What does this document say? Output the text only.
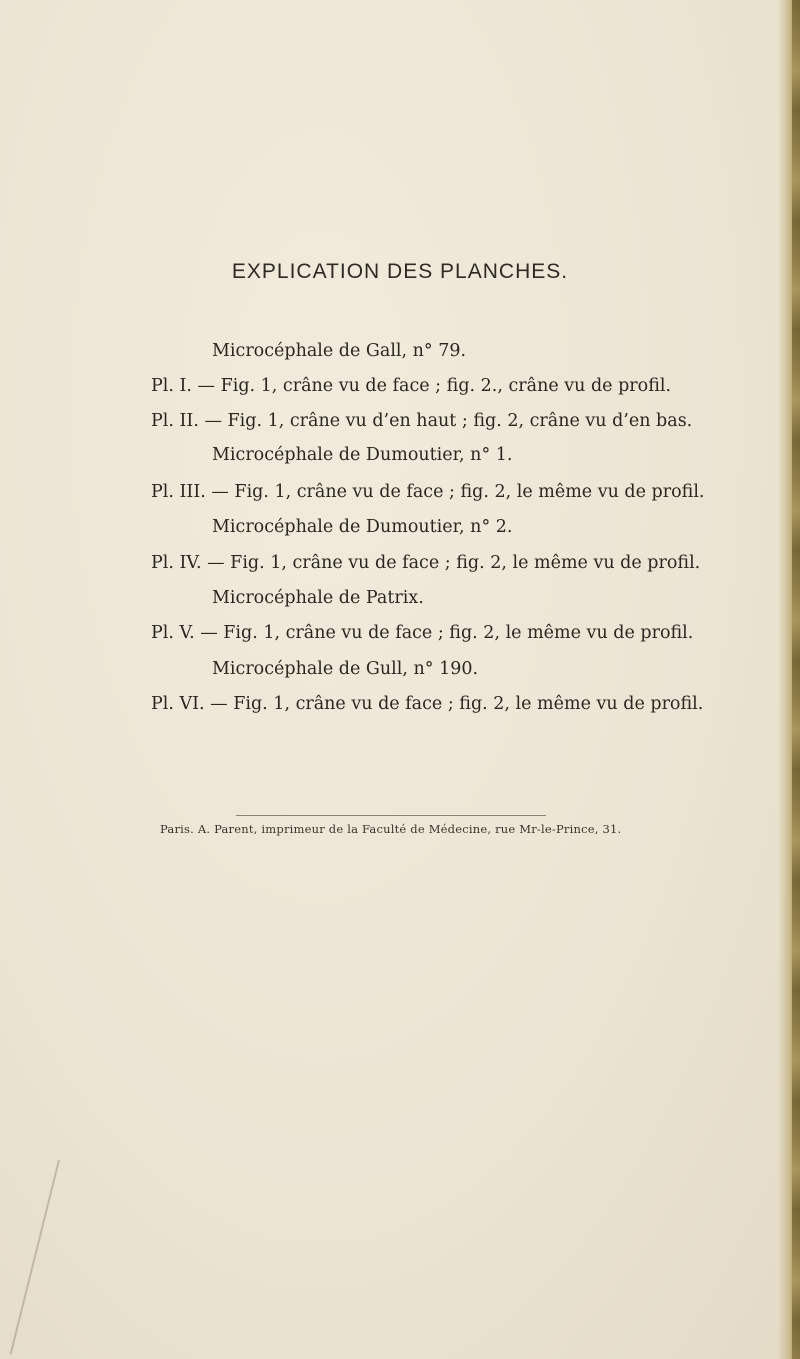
EXPLICATION DES PLANCHES.
Microcéphale de Gall, n° 79.
Pl. I. — Fig. 1, crâne vu de face ; fig. 2., crâne vu de profil.
Pl. II. — Fig. 1, crâne vu d’en haut ; fig. 2, crâne vu d’en bas.
Microcéphale de Dumoutier, n° 1.
Pl. III. — Fig. 1, crâne vu de face ; fig. 2, le même vu de profil.
Microcéphale de Dumoutier, n° 2.
Pl. IV. — Fig. 1, crâne vu de face ; fig. 2, le même vu de profil.
Microcéphale de Patrix.
Pl. V. — Fig. 1, crâne vu de face ; fig. 2, le même vu de profil.
Microcéphale de Gull, n° 190.
Pl. VI. — Fig. 1, crâne vu de face ; fig. 2, le même vu de profil.
Paris. A. Parent, imprimeur de la Faculté de Médecine, rue Mr-le-Prince, 31.
